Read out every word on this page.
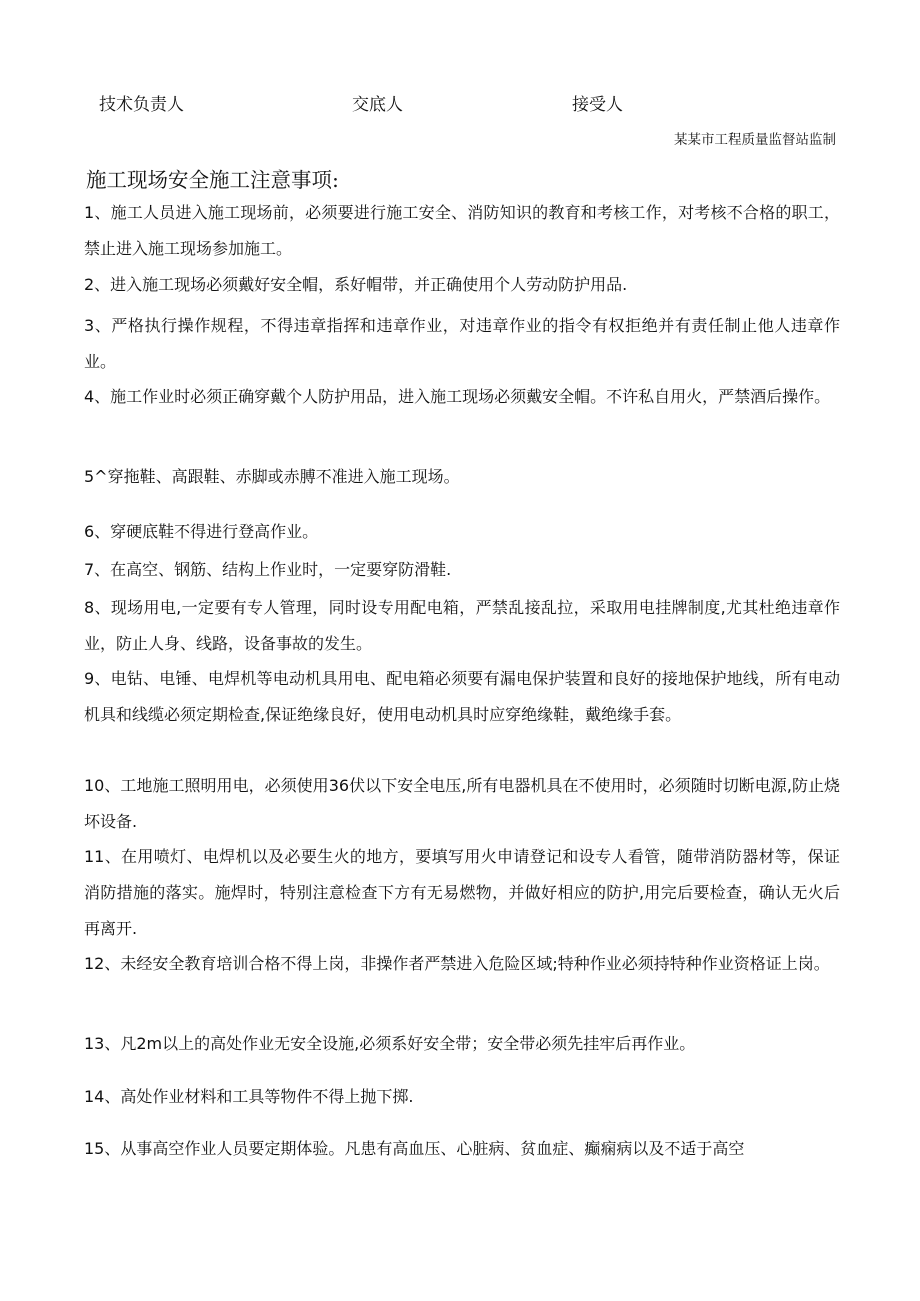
技术负责人	交底人	接受人
某某市工程质量监督站监制
施工现场安全施工注意事项:

1、施工人员进入施工现场前，必须要进行施工安全、消防知识的教育和考核工作，对考核不合格的职工，禁止进入施工现场参加施工。

2、进入施工现场必须戴好安全帽，系好帽带，并正确使用个人劳动防护用品.

3、严格执行操作规程，不得违章指挥和违章作业，对违章作业的指令有权拒绝并有责任制止他人违章作业。

4、施工作业时必须正确穿戴个人防护用品，进入施工现场必须戴安全帽。不许私自用火，严禁酒后操作。

5^穿拖鞋、高跟鞋、赤脚或赤膊不准进入施工现场。

6、穿硬底鞋不得进行登高作业。

7、在高空、钢筋、结构上作业时，一定要穿防滑鞋.

8、现场用电,一定要有专人管理，同时设专用配电箱，严禁乱接乱拉，采取用电挂牌制度,尤其杜绝违章作业，防止人身、线路，设备事故的发生。

9、电钻、电锤、电焊机等电动机具用电、配电箱必须要有漏电保护装置和良好的接地保护地线，所有电动机具和线缆必须定期检查,保证绝缘良好，使用电动机具时应穿绝缘鞋，戴绝缘手套。

10、工地施工照明用电，必须使用36伏以下安全电压,所有电器机具在不使用时，必须随时切断电源,防止烧坏设备.

11、在用喷灯、电焊机以及必要生火的地方，要填写用火申请登记和设专人看管，随带消防器材等，保证消防措施的落实。施焊时，特别注意检查下方有无易燃物，并做好相应的防护,用完后要检查，确认无火后再离开.

12、未经安全教育培训合格不得上岗，非操作者严禁进入危险区域;特种作业必须持特种作业资格证上岗。

13、凡2m以上的高处作业无安全设施,必须系好安全带；安全带必须先挂牢后再作业。

14、高处作业材料和工具等物件不得上抛下掷.

15、从事高空作业人员要定期体验。凡患有高血压、心脏病、贫血症、癫痫病以及不适于高空
